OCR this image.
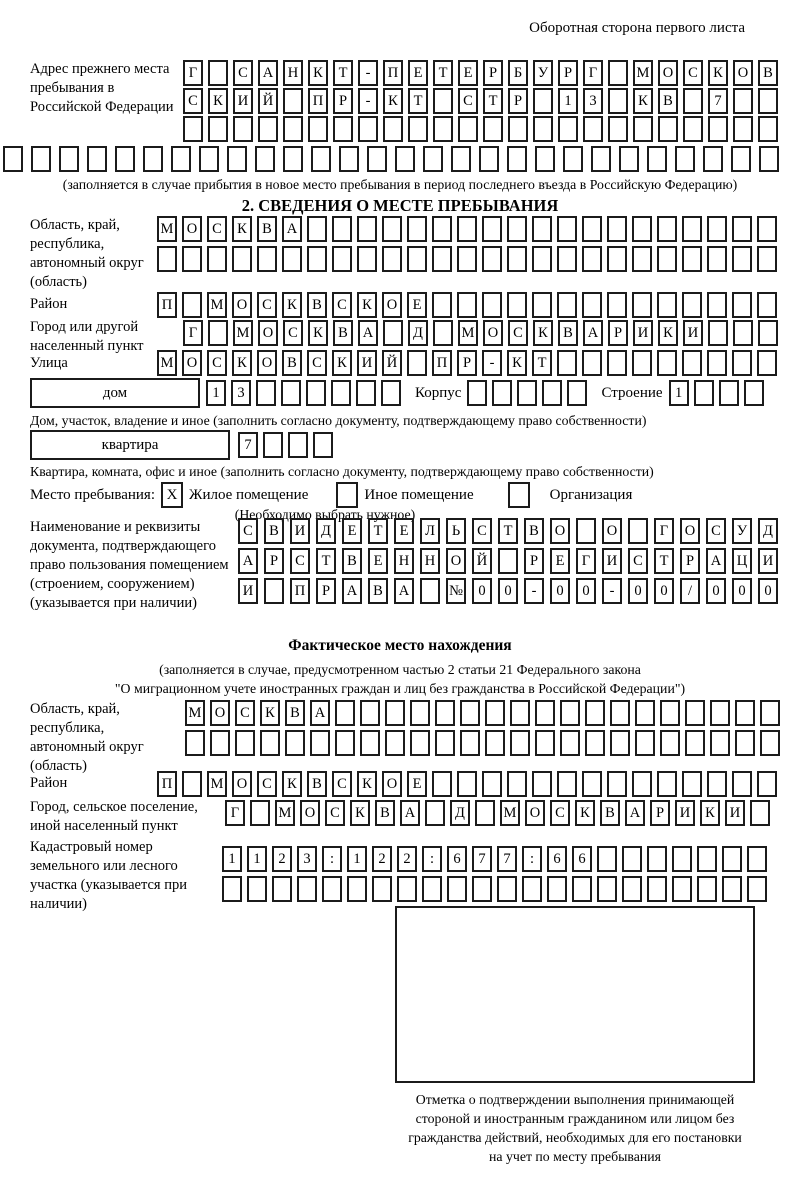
Оборотная сторона первого листа
Адрес прежнего места пребывания в Российской Федерации
Г	С	А	Н	К	Т	-	П	Е	Т	Е	Р	Б	У	Р	Г	М О	С	К	О	В
С	К	И	Й	П	Р	-	К	Т	С	Т	Р	1	3	К	В	7
(заполняется в случае прибытия в новое место пребывания в период последнего въезда в Российскую Федерацию)
2. СВЕДЕНИЯ О МЕСТЕ ПРЕБЫВАНИЯ
Область, край, республика, автономный округ (область)
М О	С	К	В	А
Район	П	М О	С	К	В	С	К	О	Е
Город или другой населенный пункт
Г	М О	С	К	В	А	Д	М О	С	К	В	А	Р	И	К	И
Улица	М О	С	К	О	В	С	К	И	Й	П	Р	-	К	Т
дом	1	3	Корпус	Строение 1
Дом, участок, владение и иное (заполнить согласно документу, подтверждающему право собственности)
квартира	7
Квартира, комната, офис и иное (заполнить согласно документу, подтверждающему право собственности)
Место пребывания: X Жилое помещение	Иное помещение	Организация
(Необходимо выбрать нужное)
Наименование и реквизиты документа, подтверждающего право пользования помещением (строением, сооружением) (указывается при наличии)
С	В	И	Д	Е	Т	Е	Л	Ь	С	Т	В	О	О	Г	О	С	У	Д
А	Р	С	Т	В	Е	Н	Н	О	Й	Р	Е	Г	И	С	Т	Р	А	Ц	И
И	П	Р	А	В	А	№	0	0	-	0	0	-	0	0	/	0	0	0
Фактическое место нахождения
(заполняется в случае, предусмотренном частью 2 статьи 21 Федерального закона
"О миграционном учете иностранных граждан и лиц без гражданства в Российской Федерации")
Область, край, республика, автономный округ (область)
М О	С	К	В	А
Район	П	М О	С	К	В	С	К	О	Е
Город, сельское поселение, иной населенный пункт
Г	М О	С	К	В	А	Д	М О	С	К	В	А	Р	И	К	И
Кадастровый номер земельного или лесного участка (указывается при наличии)
1	1	2	3	:	1	2	2	:	6	7	7	:	6	6
Отметка о подтверждении выполнения принимающей
стороной и иностранным гражданином или лицом без
гражданства действий, необходимых для его постановки
на учет по месту пребывания
